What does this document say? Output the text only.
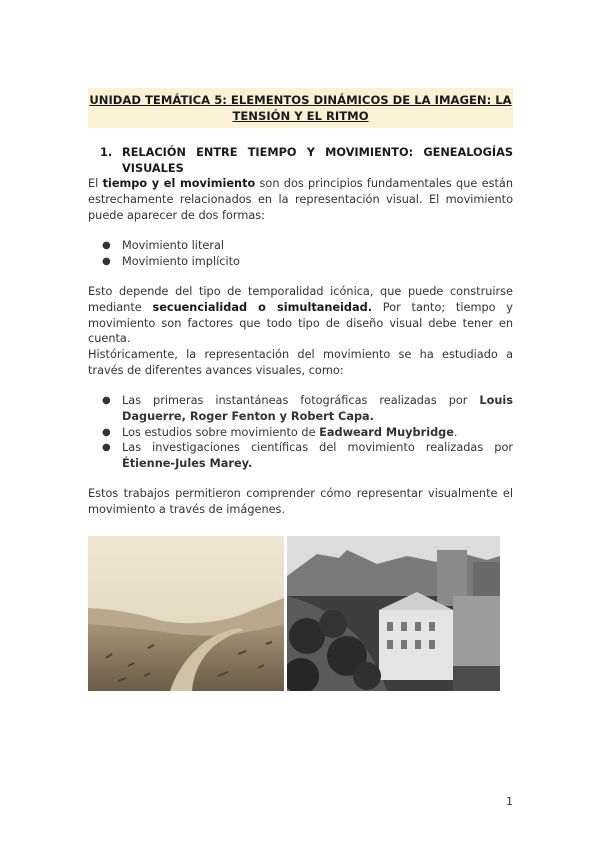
UNIDAD TEMÁTICA 5: ELEMENTOS DINÁMICOS DE LA IMAGEN: LA
TENSIÓN Y EL RITMO
1. RELACIÓN ENTRE TIEMPO Y MOVIMIENTO: GENEALOGÍAS
VISUALES
El tiempo y el movimiento son dos principios fundamentales que están estrechamente relacionados en la representación visual. El movimiento puede aparecer de dos formas:
● Movimiento literal
● Movimiento implícito
Esto depende del tipo de temporalidad icónica, que puede construirse mediante secuencialidad o simultaneidad. Por tanto; tiempo y movimiento son factores que todo tipo de diseño visual debe tener en cuenta.
Históricamente, la representación del movimiento se ha estudiado a través de diferentes avances visuales, como:
● Las primeras instantáneas fotográficas realizadas por Louis Daguerre, Roger Fenton y Robert Capa.
● Los estudios sobre movimiento de Eadweard Muybridge.
● Las investigaciones científicas del movimiento realizadas por Étienne-Jules Marey.
Estos trabajos permitieron comprender cómo representar visualmente el movimiento a través de imágenes.
1
